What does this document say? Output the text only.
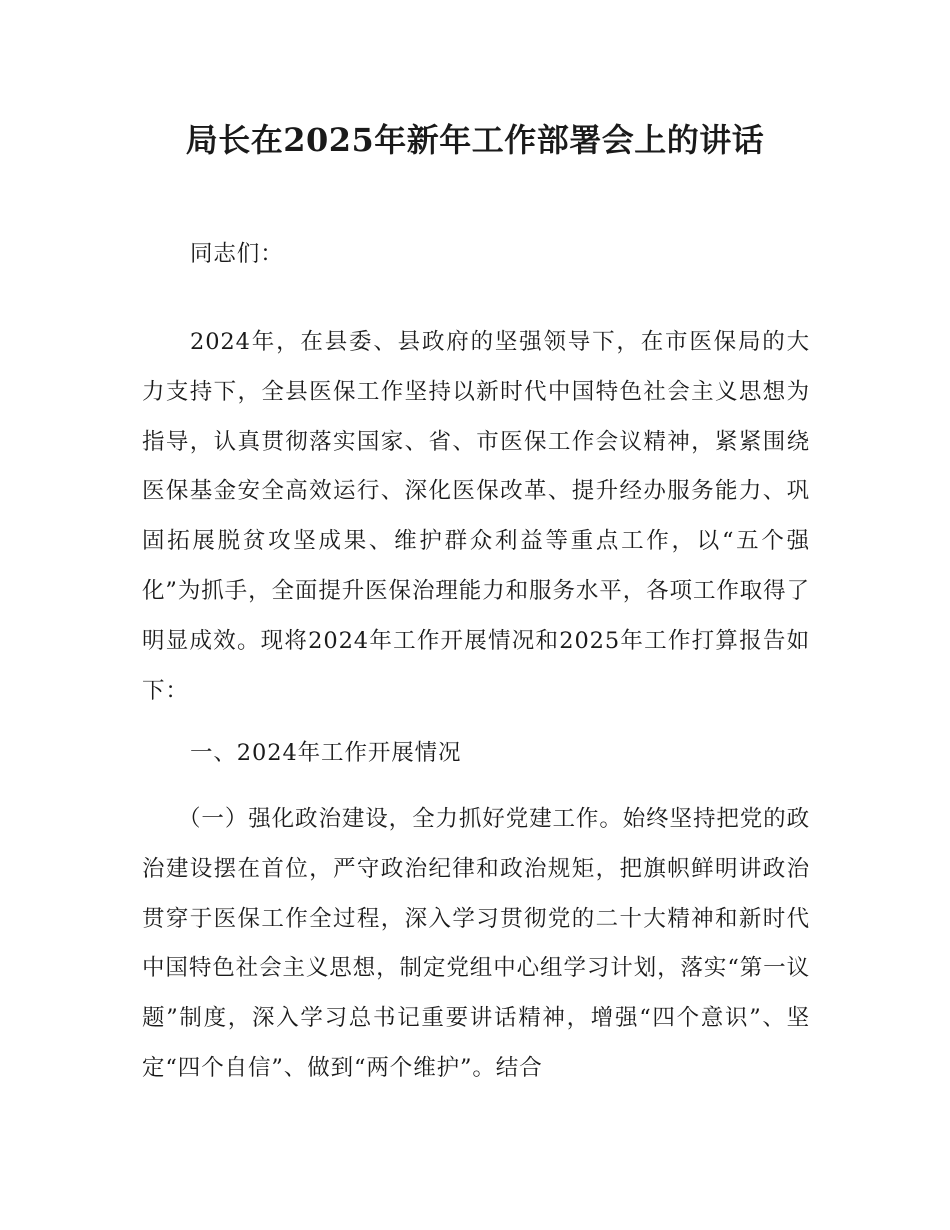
局长在2025年新年工作部署会上的讲话

同志们：

2024年，在县委、县政府的坚强领导下，在市医保局的大力支持下，全县医保工作坚持以新时代中国特色社会主义思想为指导，认真贯彻落实国家、省、市医保工作会议精神，紧紧围绕医保基金安全高效运行、深化医保改革、提升经办服务能力、巩固拓展脱贫攻坚成果、维护群众利益等重点工作，以“五个强化”为抓手，全面提升医保治理能力和服务水平，各项工作取得了明显成效。现将2024年工作开展情况和2025年工作打算报告如下：

一、2024年工作开展情况

（一）强化政治建设，全力抓好党建工作。始终坚持把党的政治建设摆在首位，严守政治纪律和政治规矩，把旗帜鲜明讲政治贯穿于医保工作全过程，深入学习贯彻党的二十大精神和新时代中国特色社会主义思想，制定党组中心组学习计划，落实“第一议题”制度，深入学习总书记重要讲话精神，增强“四个意识”、坚定“四个自信”、做到“两个维护”。结合
